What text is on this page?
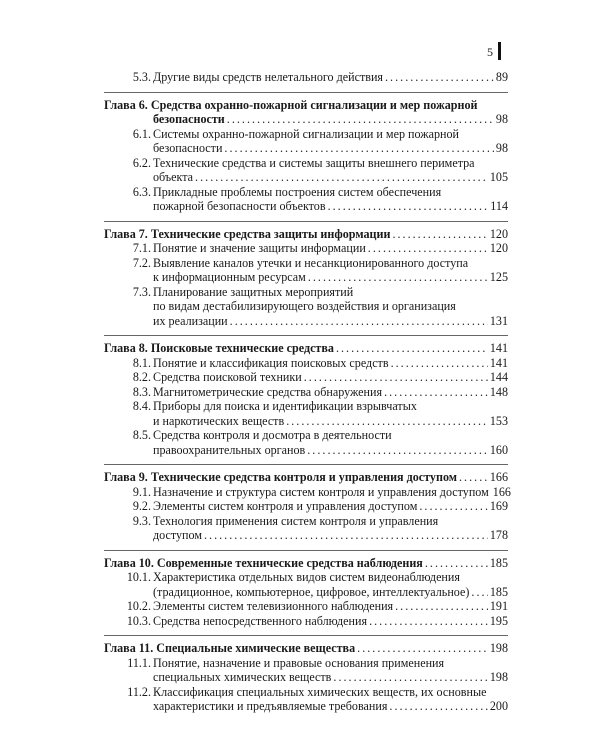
5
5.3. Другие виды средств нелетального действия . . .	89
Глава 6. Средства охранно-пожарной сигнализации и мер пожарной
безопасности . . .	98
6.1. Системы охранно-пожарной сигнализации и мер пожарной
безопасности . . .	98
6.2. Технические средства и системы защиты внешнего периметра
объекта . . .	105
6.3. Прикладные проблемы построения систем обеспечения
пожарной безопасности объектов . . .	114
Глава 7. Технические средства защиты информации . . .	120
7.1. Понятие и значение защиты информации . . .	120
7.2. Выявление каналов утечки и несанкционированного доступа
к информационным ресурсам . . .	125
7.3. Планирование защитных мероприятий
по видам дестабилизирующего воздействия и организация
их реализации . . .	131
Глава 8. Поисковые технические средства . . .	141
8.1. Понятие и классификация поисковых средств . . .	141
8.2. Средства поисковой техники . . .	144
8.3. Магнитометрические средства обнаружения . . .	148
8.4. Приборы для поиска и идентификации взрывчатых
и наркотических веществ . . .	153
8.5. Средства контроля и досмотра в деятельности
правоохранительных органов . . .	160
Глава 9. Технические средства контроля и управления доступом . . .	166
9.1. Назначение и структура систем контроля и управления доступом 166
9.2. Элементы систем контроля и управления доступом . . .	169
9.3. Технология применения систем контроля и управления
доступом . . .	178
Глава 10. Современные технические средства наблюдения . . .	185
10.1. Характеристика отдельных видов систем видеонаблюдения
(традиционное, компьютерное, цифровое, интеллектуальное) . . . 185
10.2. Элементы систем телевизионного наблюдения . . .	191
10.3. Средства непосредственного наблюдения . . .	195
Глава 11. Специальные химические вещества . . .	198
11.1. Понятие, назначение и правовые основания применения
специальных химических веществ . . .	198
11.2. Классификация специальных химических веществ, их основные
характеристики и предъявляемые требования . . .	200
